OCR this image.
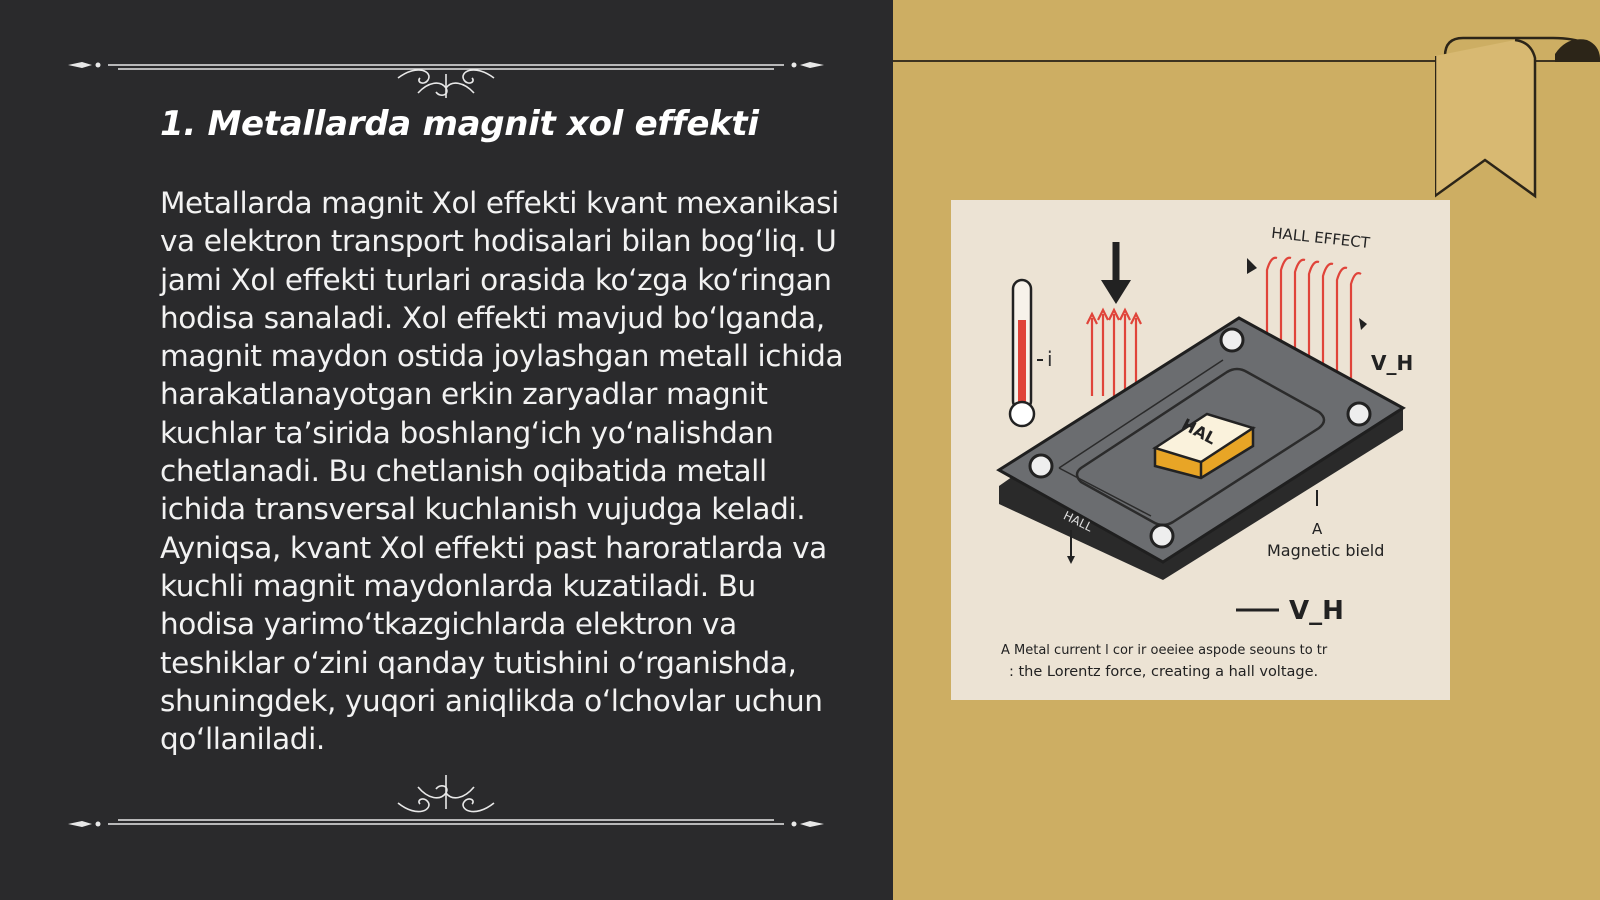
1. Metallarda magnit xol effekti

Metallarda magnit Xol effekti kvant mexanikasi va elektron transport hodisalari bilan bog‘liq. U jami Xol effekti turlari orasida ko‘zga ko‘ringan hodisa sanaladi. Xol effekti mavjud bo‘lganda, magnit maydon ostida joylashgan metall ichida harakatlanayotgan erkin zaryadlar magnit kuchlar ta’sirida boshlang‘ich yo‘nalishdan chetlanadi. Bu chetlanish oqibatida metall ichida transversal kuchlanish vujudga keladi. Ayniqsa, kvant Xol effekti past haroratlarda va kuchli magnit maydonlarda kuzatiladi. Bu hodisa yarimo‘tkazgichlarda elektron va teshiklar o‘zini qanday tutishini o‘rganishda, shuningdek, yuqori aniqlikda o‘lchovlar uchun qo‘llaniladi.

i
HALL EFFECT
V_H
HAL
HALL	A
Magnetic bield
V_H
A Metal current l cor ir oeeiee aspode seouns to tr
: the Lorentz force, creating a hall voltage.
